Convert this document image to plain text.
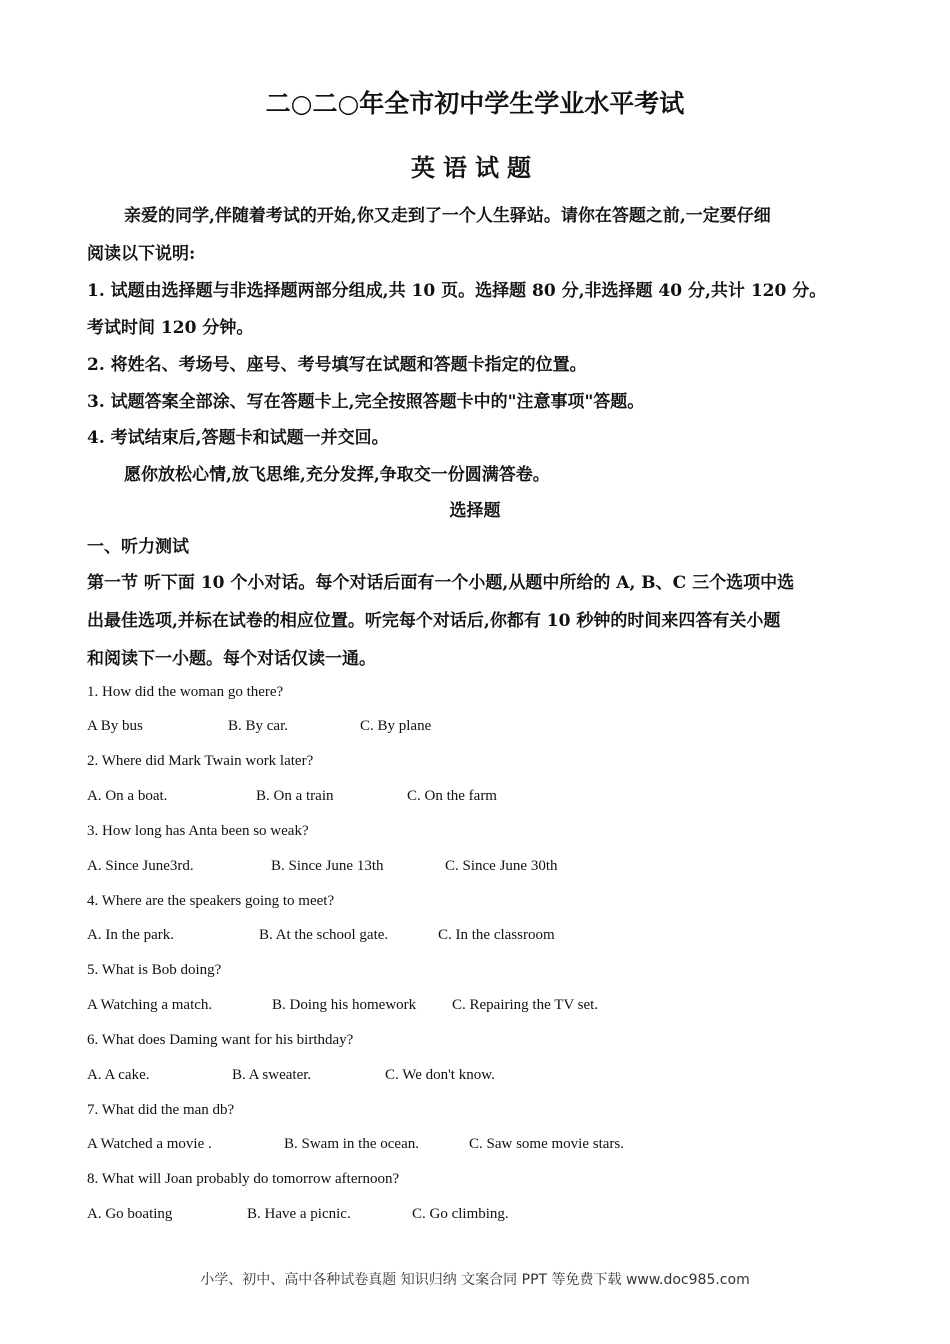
二○二○年全市初中学生学业水平考试
英语试题
亲爱的同学,伴随着考试的开始,你又走到了一个人生驿站。请你在答题之前,一定要仔细
阅读以下说明:
1. 试题由选择题与非选择题两部分组成,共 10 页。选择题 80 分,非选择题 40 分,共计 120 分。
考试时间 120 分钟。
2. 将姓名、考场号、座号、考号填写在试题和答题卡指定的位置。
3. 试题答案全部涂、写在答题卡上,完全按照答题卡中的"注意事项"答题。
4. 考试结束后,答题卡和试题一并交回。
愿你放松心情,放飞思维,充分发挥,争取交一份圆满答卷。
选择题
一、听力测试
第一节 听下面 10 个小对话。每个对话后面有一个小题,从题中所给的 A, B、C 三个选项中选
出最佳选项,并标在试卷的相应位置。听完每个对话后,你都有 10 秒钟的时间来四答有关小题
和阅读下一小题。每个对话仅读一通。
1. How did the woman go there?
A By bus	B. By car.	C. By plane
2. Where did Mark Twain work later?
A. On a boat.	B. On a train	C. On the farm
3. How long has Anta been so weak?
A. Since June3rd.	B. Since June 13th	C. Since June 30th
4. Where are the speakers going to meet?
A. In the park.	B. At the school gate.	C. In the classroom
5. What is Bob doing?
A Watching a match.	B. Doing his homework C. Repairing the TV set.
6. What does Daming want for his birthday?
A. A cake.	B. A sweater.	C. We don't know.
7. What did the man db?
A Watched a movie .	B. Swam in the ocean.	C. Saw some movie stars.
8. What will Joan probably do tomorrow afternoon?
A. Go boating	B. Have a picnic.	C. Go climbing.
小学、初中、高中各种试卷真题 知识归纳 文案合同 PPT 等免费下载 www.doc985.com
